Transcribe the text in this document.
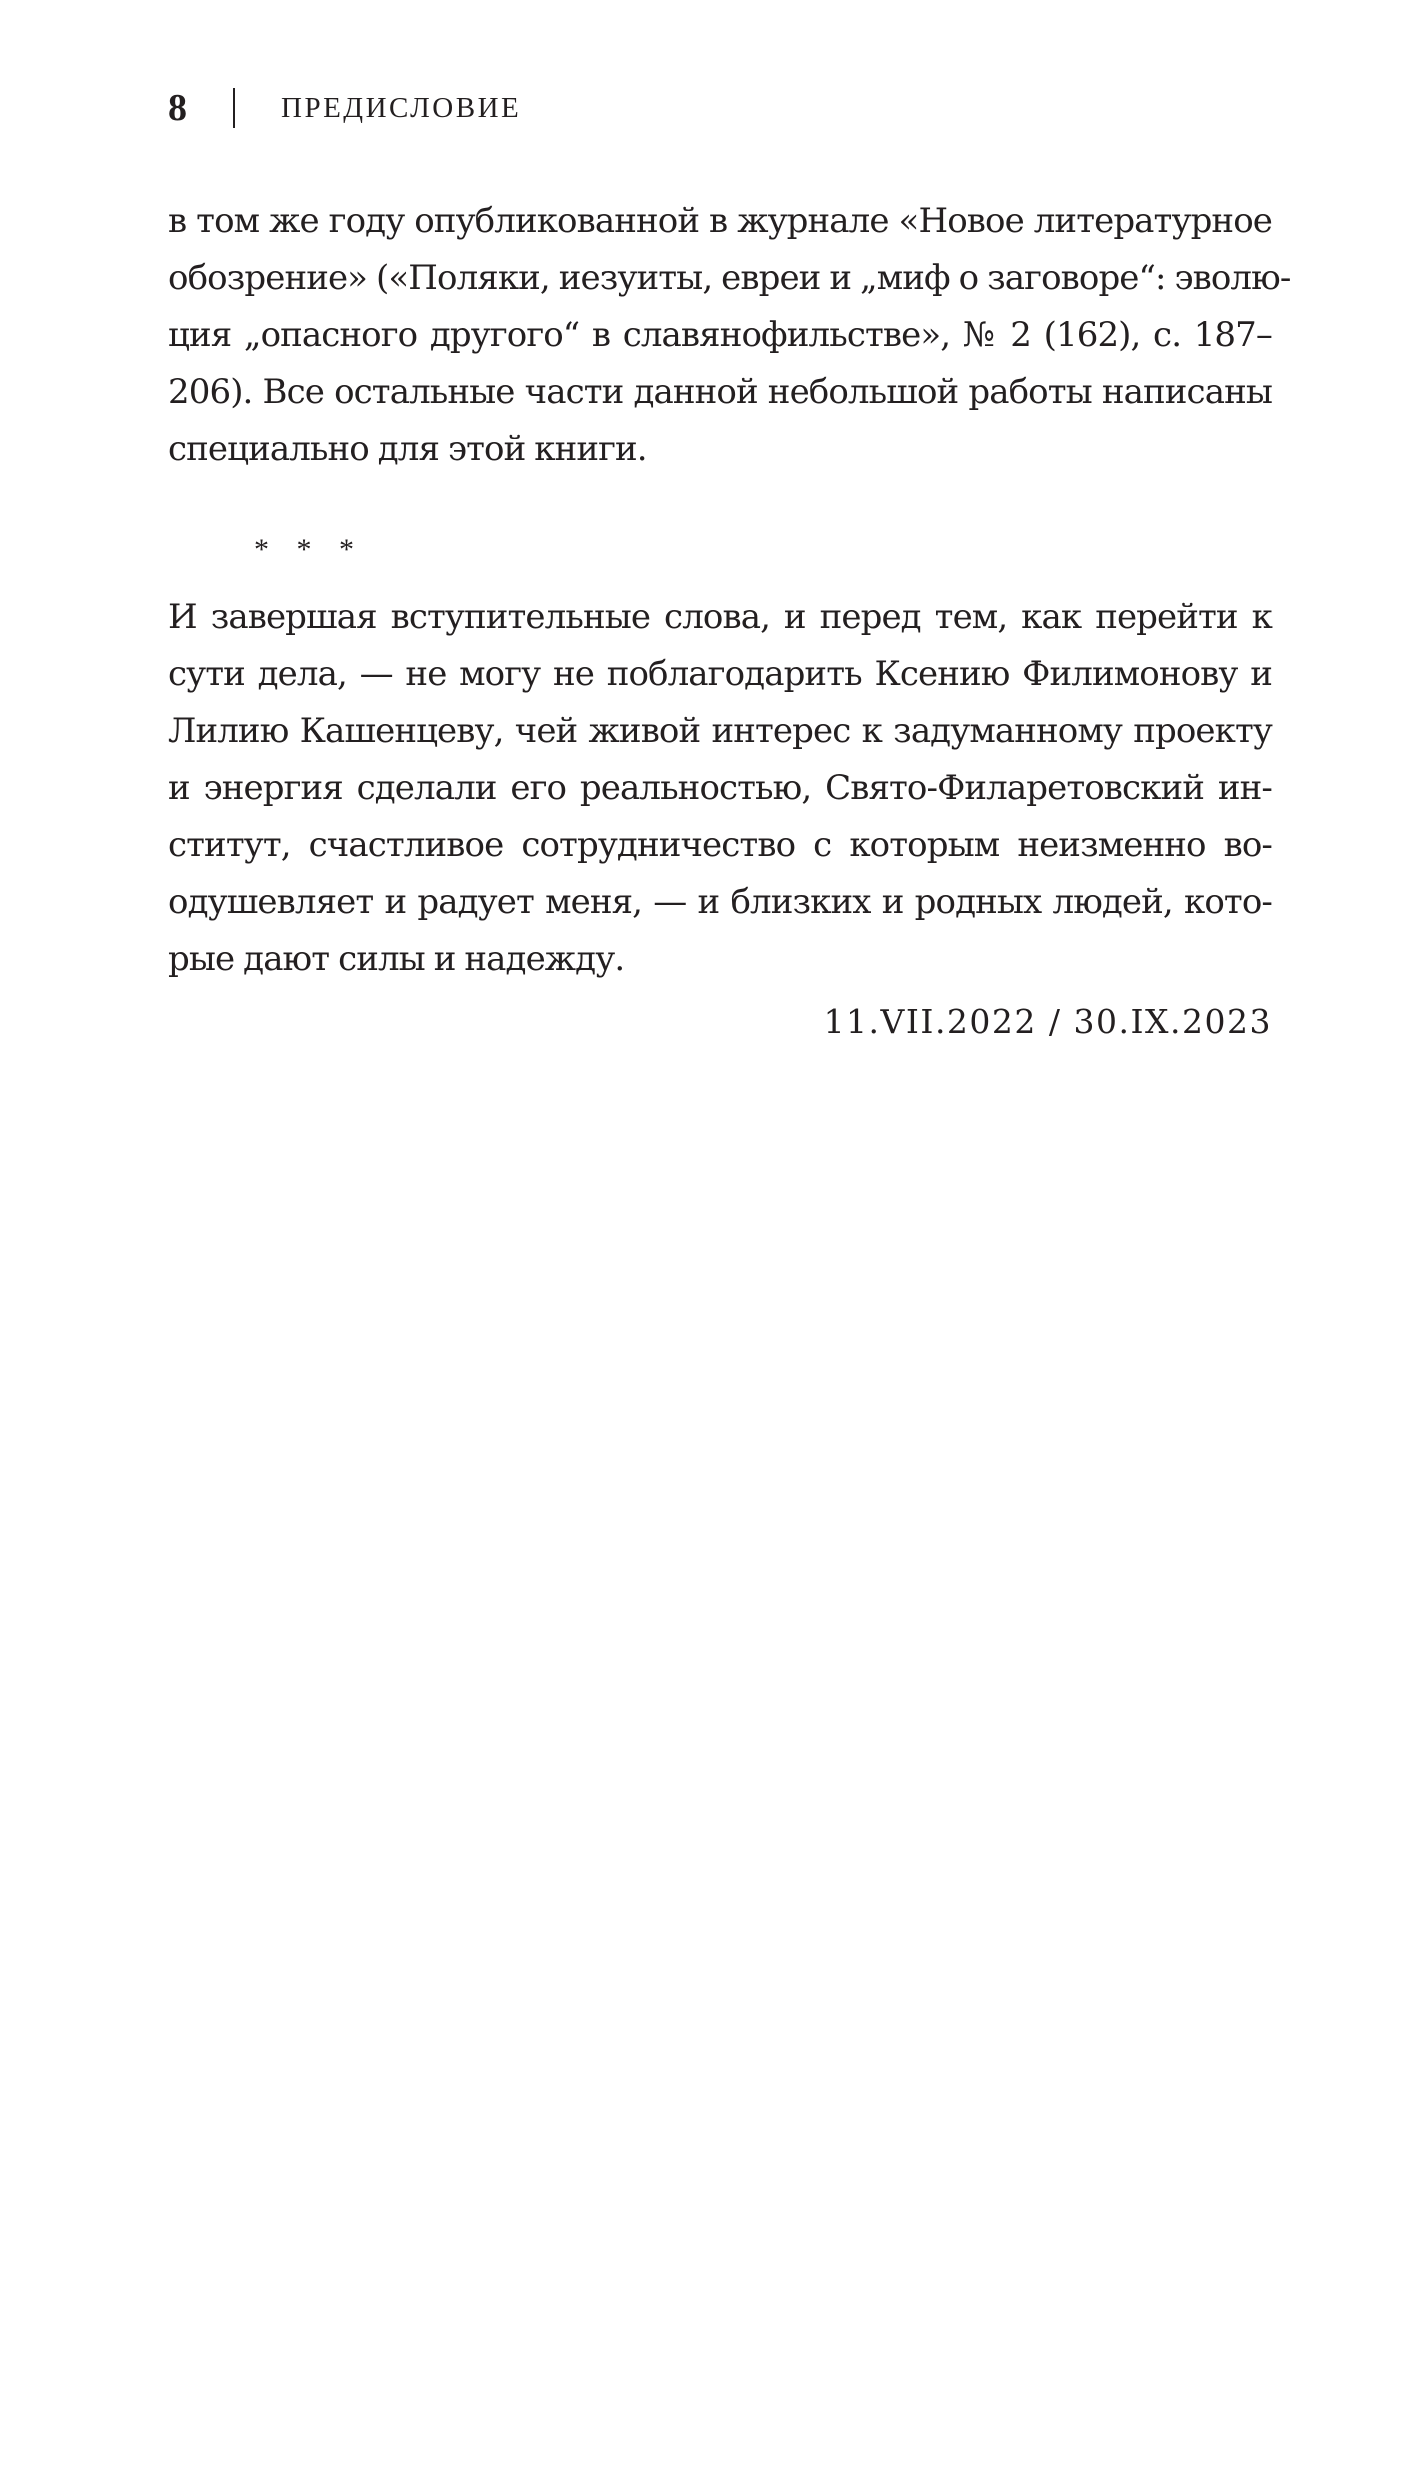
8	ПРЕДИСЛОВИЕ
в том же году опубликованной в журнале «Новое литературное
обозрение» («Поляки, иезуиты, евреи и „миф о заговоре“: эволю-
ция „опасного другого“ в славянофильстве», № 2 (162), с. 187–
206). Все остальные части данной небольшой работы написаны
специально для этой книги.
* * *
И завершая вступительные слова, и перед тем, как перейти к
сути дела, — не могу не поблагодарить Ксению Филимонову и
Лилию Кашенцеву, чей живой интерес к задуманному проекту
и энергия сделали его реальностью, Свято-Филаретовский ин-
ститут, счастливое сотрудничество с которым неизменно во-
одушевляет и радует меня, — и близких и родных людей, кото-
рые дают силы и надежду.
11.VII.2022 / 30.IX.2023
